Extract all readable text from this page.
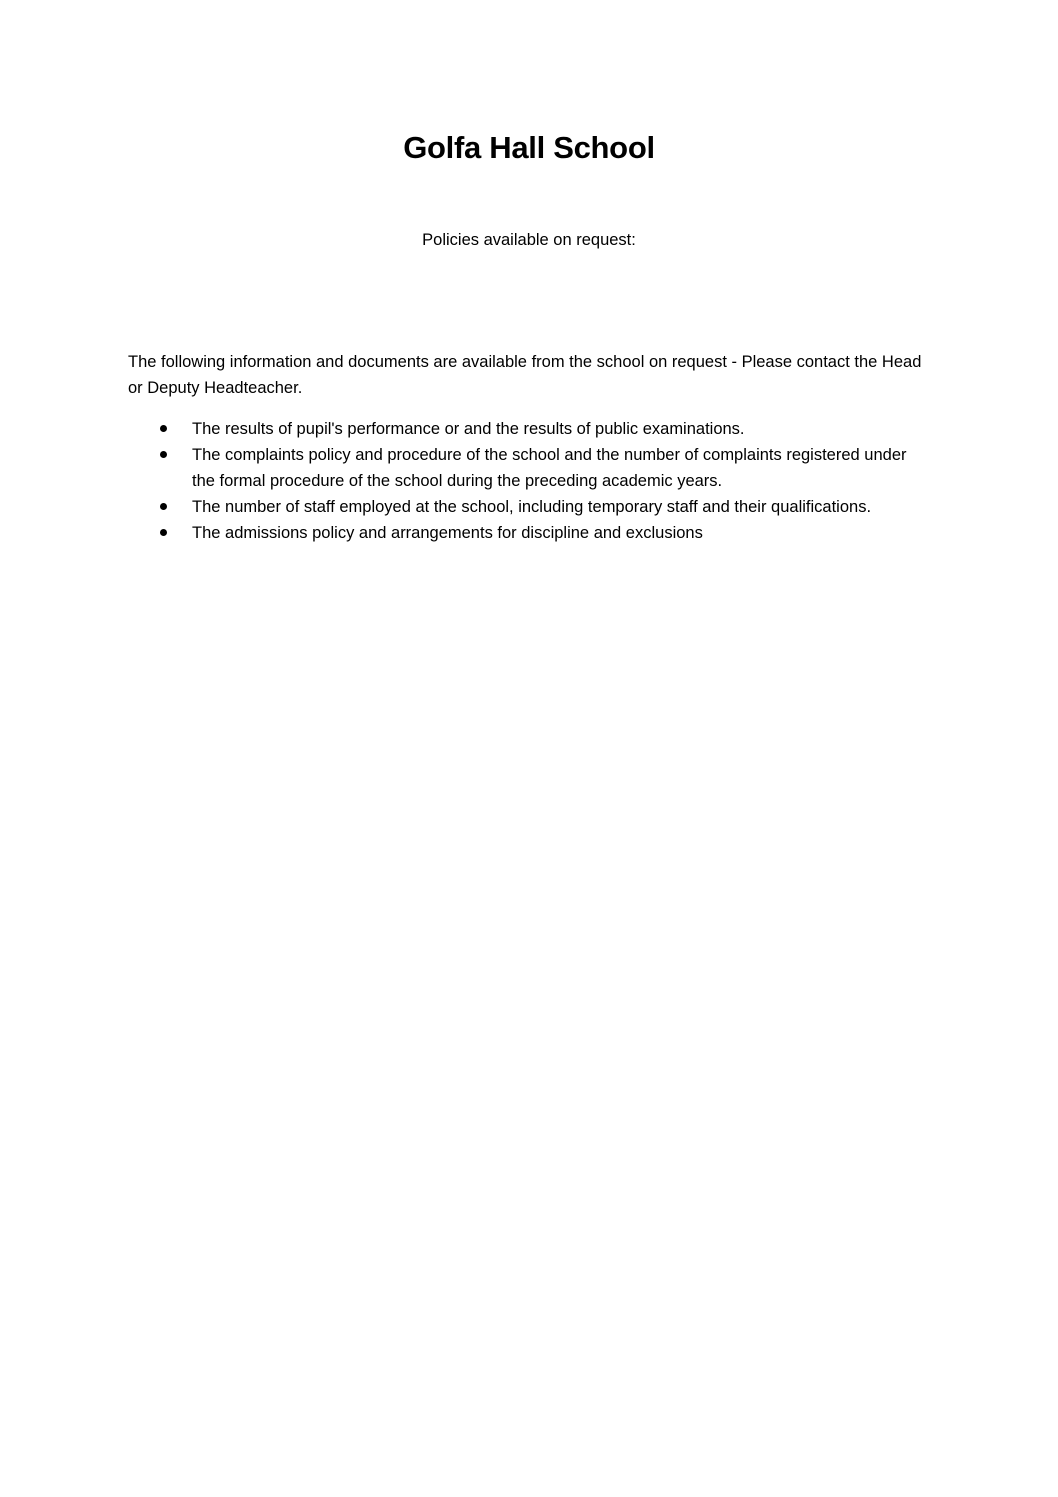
Golfa Hall School

Policies available on request:

The following information and documents are available from the school on request - Please contact the Head or Deputy Headteacher.

The results of pupil's performance or and the results of public examinations.
The complaints policy and procedure of the school and the number of complaints registered under the formal procedure of the school during the preceding academic years.
The number of staff employed at the school, including temporary staff and their qualifications.
The admissions policy and arrangements for discipline and exclusions
